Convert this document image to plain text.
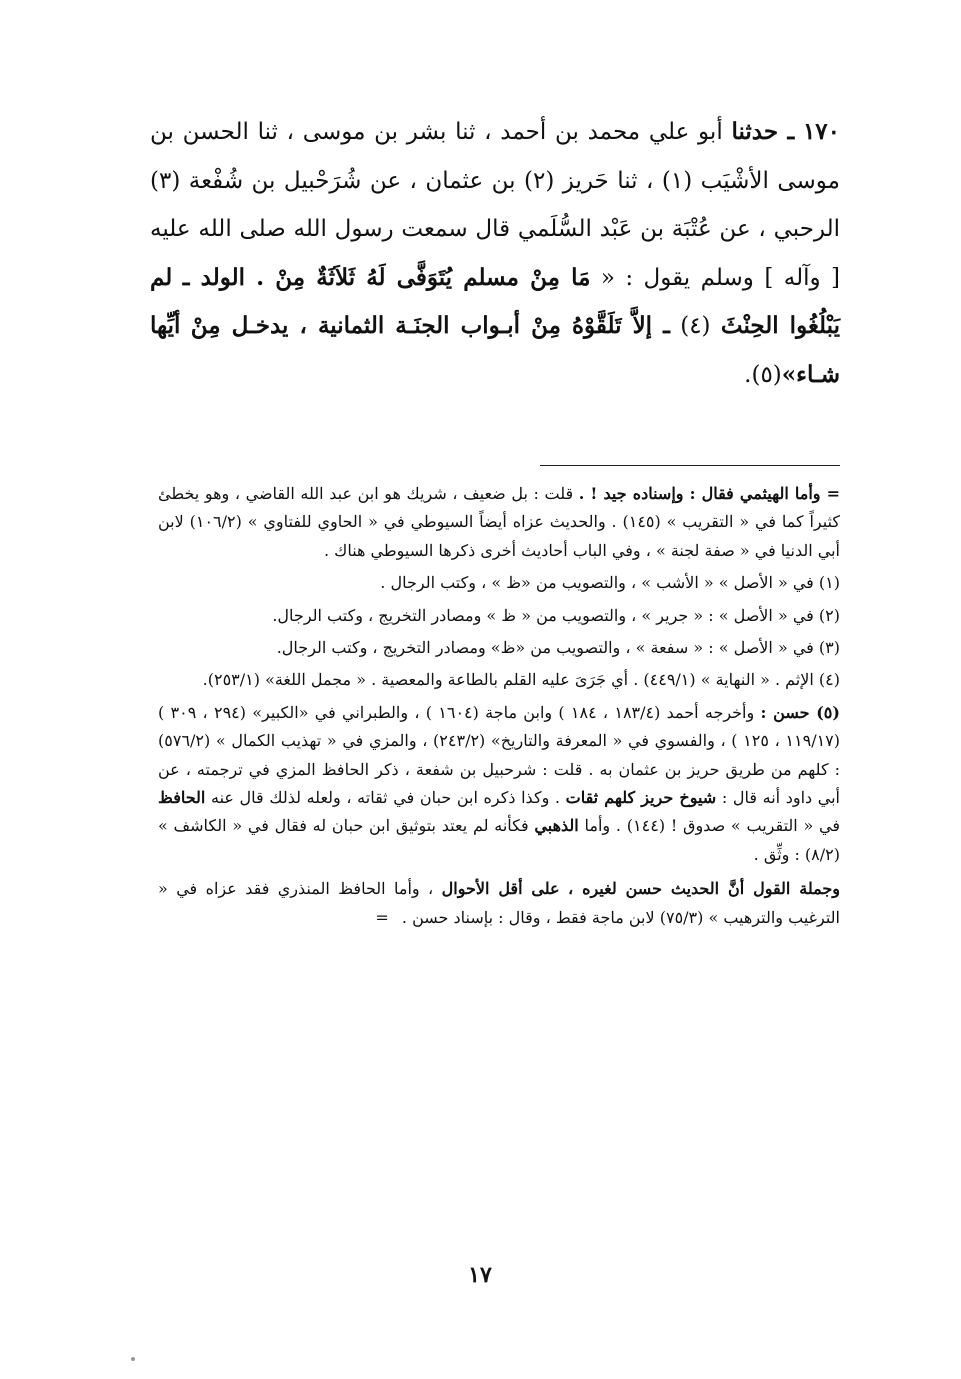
١٧٠ ـ حدثنا أبو علي محمد بن أحمد ، ثنا بشر بن موسى ، ثنا الحسن بن موسى الأشْيَب (١) ، ثنا حَريز (٢) بن عثمان ، عن شُرَحْبيل بن شُفْعة (٣) الرحبي ، عن عُتْبَة بن عَبْد السُّلَمي قال سمعت رسول الله صلى الله عليه [ وآله ] وسلم يقول : « مَا مِنْ مسلم يُتَوَفَّى لَهُ ثَلاَثَةٌ مِنْ . الولد ـ لم يَبْلُغُوا الحِنْثَ (٤) ـ إلاَّ تَلَقَّوْهُ مِنْ أبـواب الجنَـة الثمانية ، يدخـل مِنْ أيِّها شـاء»(٥).

= وأما الهيثمي فقال : وإسناده جيد ! . قلت : بل ضعيف ، شريك هو ابن عبد الله القاضي ، وهو يخطئ كثيراً كما في « التقريب » (١٤٥) . والحديث عزاه أيضاً السيوطي في « الحاوي للفتاوي » (١٠٦/٢) لابن أبي الدنيا في « صفة لجنة » ، وفي الباب أحاديث أخرى ذكرها السيوطي هناك .

(١) في « الأصل » « الأشب » ، والتصويب من «ظ » ، وكتب الرجال .

(٢) في « الأصل » : « جرير » ، والتصويب من « ظ » ومصادر التخريج ، وكتب الرجال.

(٣) في « الأصل » : « سفعة » ، والتصويب من «ظ» ومصادر التخريج ، وكتب الرجال.

(٤) الإثم . « النهاية » (٤٤٩/١) . أي جَرَىَ عليه القلم بالطاعة والمعصية . « مجمل اللغة» (٢٥٣/١).

(٥) حسن : وأخرجه أحمد (١٨٣/٤ ، ١٨٤ ) وابن ماجة (١٦٠٤ ) ، والطبراني في «الكبير» (٢٩٤ ، ٣٠٩ ) (١١٩/١٧ ، ١٢٥ ) ، والفسوي في « المعرفة والتاريخ» (٢٤٣/٢) ، والمزي في « تهذيب الكمال » (٥٧٦/٢) : كلهم من طريق حريز بن عثمان به . قلت : شرحبيل بن شفعة ، ذكر الحافظ المزي في ترجمته ، عن أبي داود أنه قال : شيوخ حريز كلهم ثقات . وكذا ذكره ابن حبان في ثقاته ، ولعله لذلك قال عنه الحافظ في « التقريب » صدوق ! (١٤٤) . وأما الذهبي فكأنه لم يعتد بتوثيق ابن حبان له فقال في « الكاشف » (٨/٢) : وثِّق .

وجملة القول أنَّ الحديث حسن لغيره ، على أقل الأحوال ، وأما الحافظ المنذري فقد عزاه في « الترغيب والترهيب » (٧٥/٣) لابن ماجة فقط ، وقال : بإسناد حسن . =

١٧
